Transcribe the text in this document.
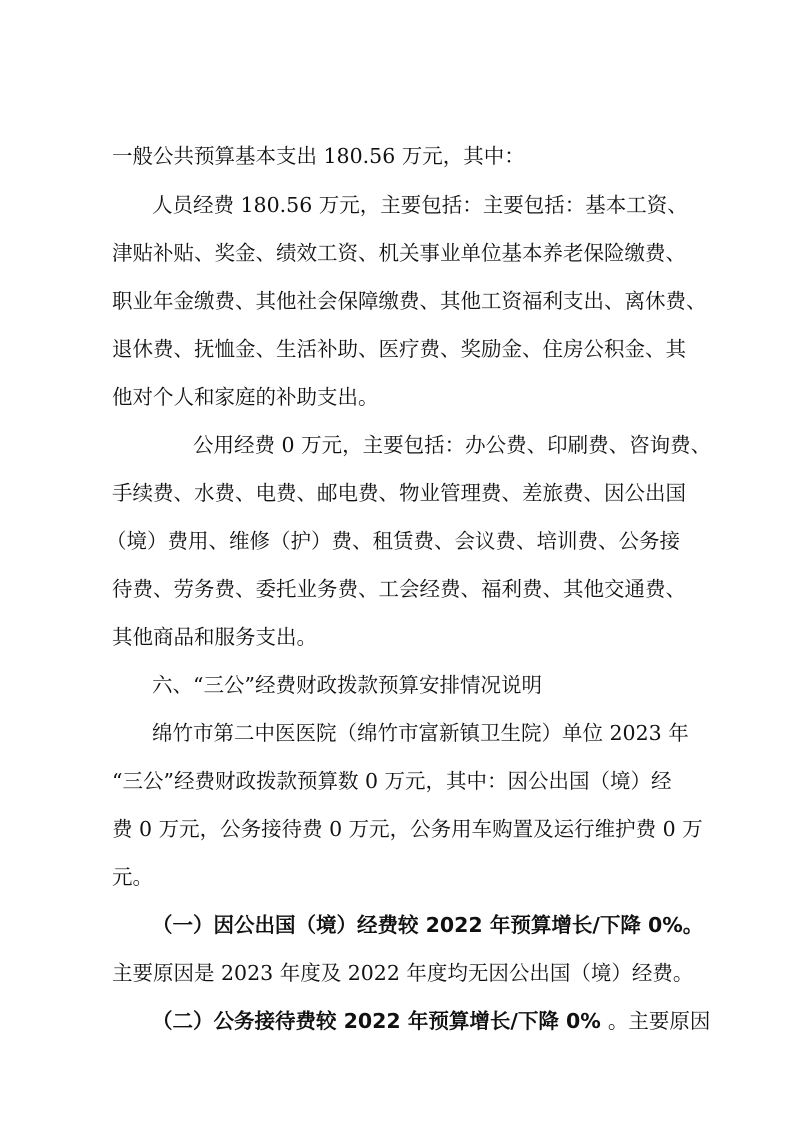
一般公共预算基本支出 180.56 万元，其中：
人员经费 180.56 万元，主要包括：主要包括：基本工资、
津贴补贴、奖金、绩效工资、机关事业单位基本养老保险缴费、
职业年金缴费、其他社会保障缴费、其他工资福利支出、离休费、
退休费、抚恤金、生活补助、医疗费、奖励金、住房公积金、其
他对个人和家庭的补助支出。
公用经费 0 万元，主要包括：办公费、印刷费、咨询费、
手续费、水费、电费、邮电费、物业管理费、差旅费、因公出国
（境）费用、维修（护）费、租赁费、会议费、培训费、公务接
待费、劳务费、委托业务费、工会经费、福利费、其他交通费、
其他商品和服务支出。
六、“三公”经费财政拨款预算安排情况说明
绵竹市第二中医医院（绵竹市富新镇卫生院）单位 2023 年
“三公”经费财政拨款预算数 0 万元，其中：因公出国（境）经
费 0 万元，公务接待费 0 万元，公务用车购置及运行维护费 0 万
元。
（一）因公出国（境）经费较 2022 年预算增长/下降 0%。
主要原因是 2023 年度及 2022 年度均无因公出国（境）经费。
（二）公务接待费较 2022 年预算增长/下降 0% 。主要原因
